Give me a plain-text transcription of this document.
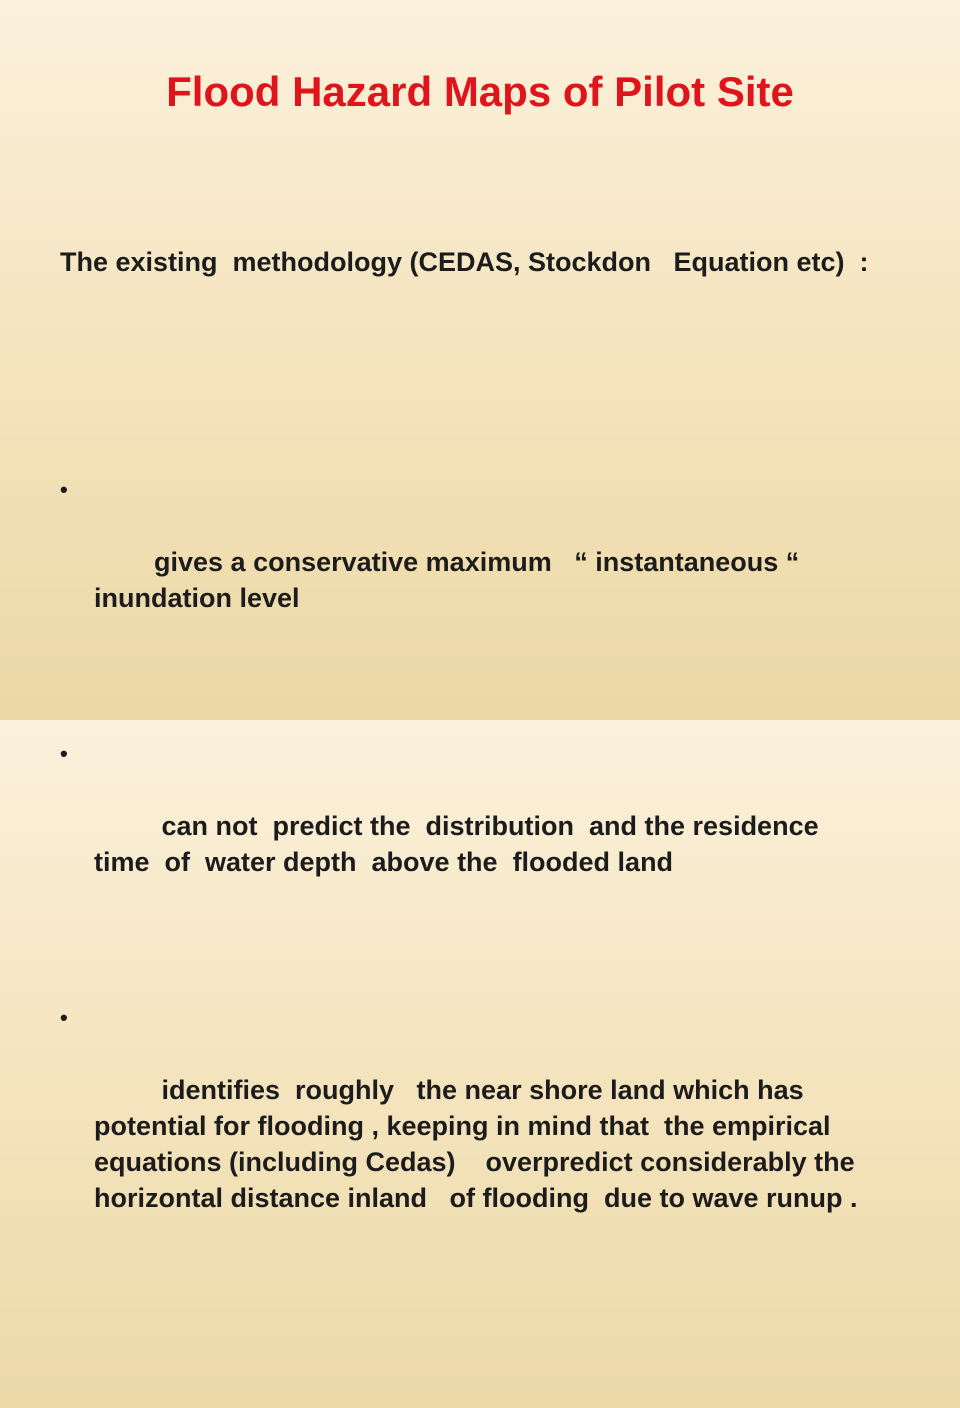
Flood Hazard Maps of Pilot Site

The existing  methodology (CEDAS, Stockdon   Equation etc)  :

•

gives a conservative maximum   “ instantaneous “ inundation level

•

can not  predict the  distribution  and the residence time  of  water depth  above the  flooded land

•

identifies  roughly   the near shore land which has potential for flooding , keeping in mind that  the empirical equations (including Cedas)    overpredict considerably the  horizontal distance inland   of flooding  due to wave runup .
